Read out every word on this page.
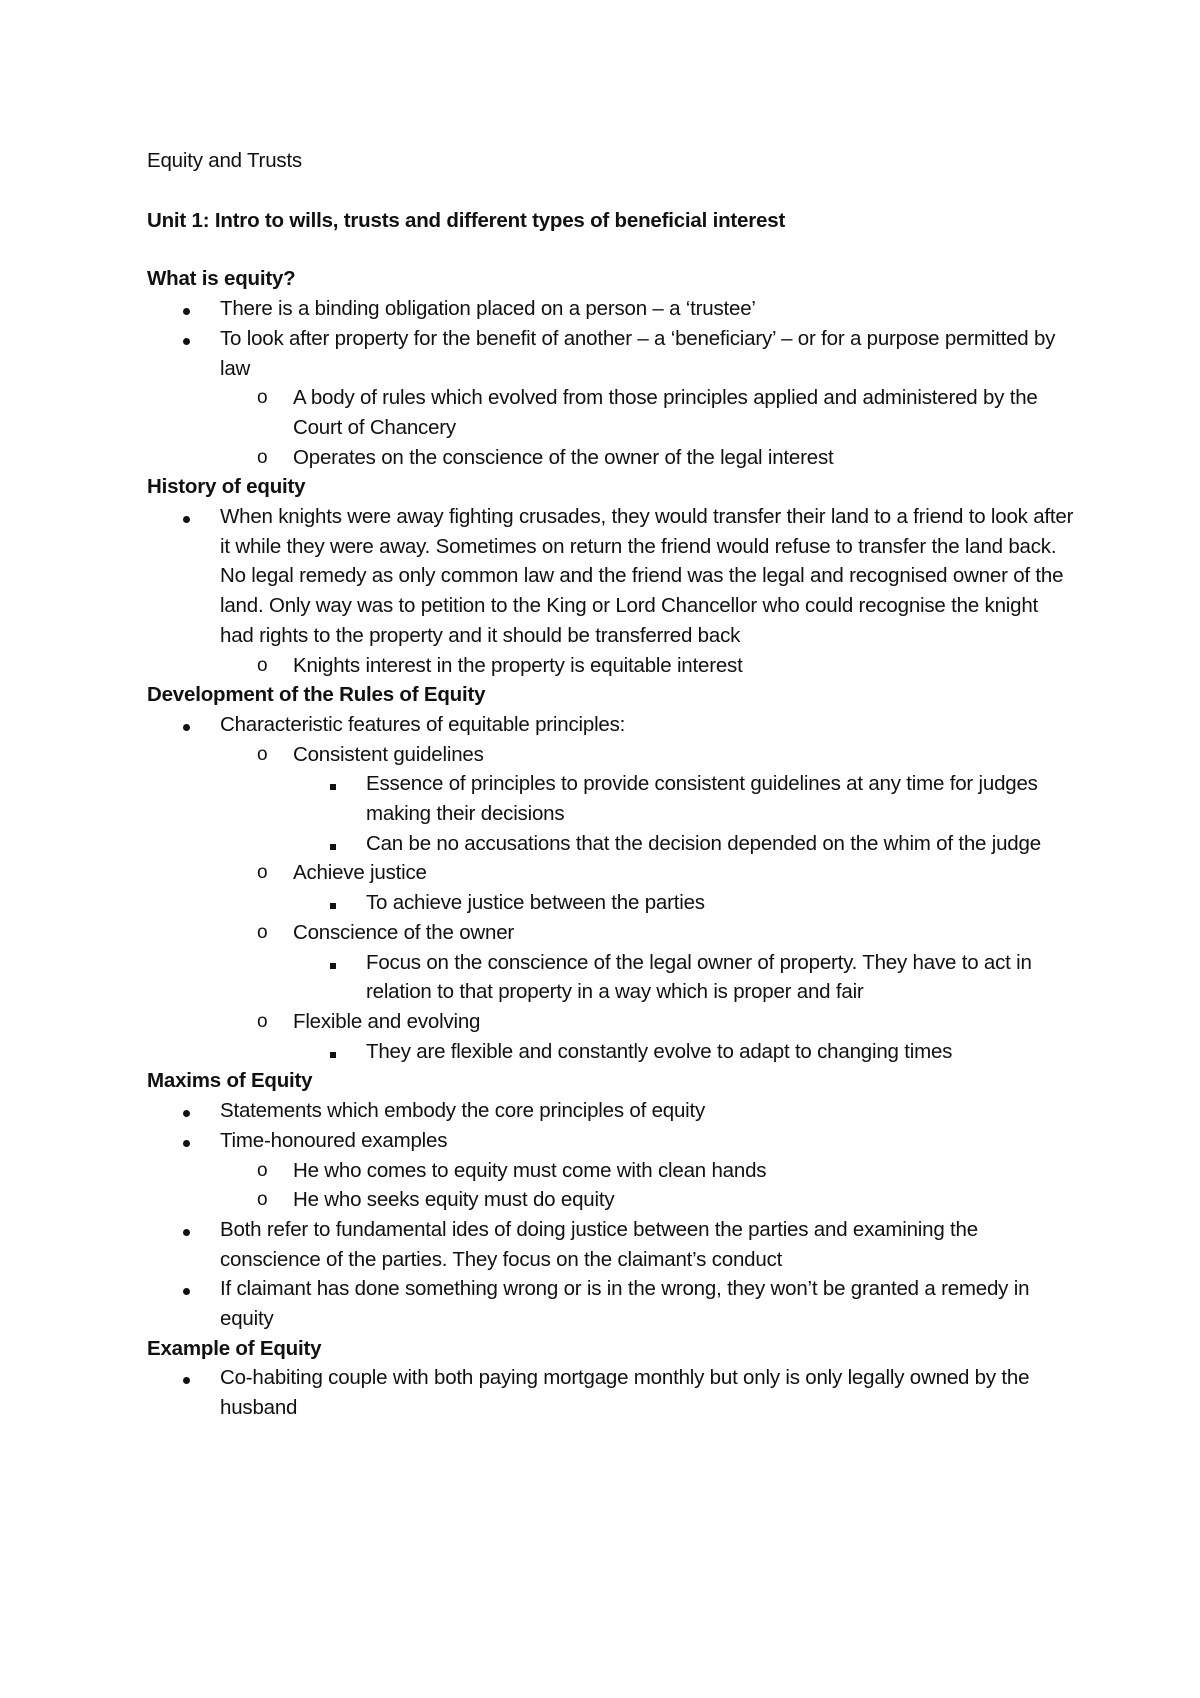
Equity and Trusts

Unit 1: Intro to wills, trusts and different types of beneficial interest

What is equity?

There is a binding obligation placed on a person – a ‘trustee’
To look after property for the benefit of another – a ‘beneficiary’ – or for a purpose permitted by law
o A body of rules which evolved from those principles applied and administered by the Court of Chancery
o Operates on the conscience of the owner of the legal interest

History of equity

When knights were away fighting crusades, they would transfer their land to a friend to look after it while they were away. Sometimes on return the friend would refuse to transfer the land back. No legal remedy as only common law and the friend was the legal and recognised owner of the land. Only way was to petition to the King or Lord Chancellor who could recognise the knight had rights to the property and it should be transferred back
o Knights interest in the property is equitable interest

Development of the Rules of Equity

Characteristic features of equitable principles:
o Consistent guidelines
Essence of principles to provide consistent guidelines at any time for judges making their decisions
Can be no accusations that the decision depended on the whim of the judge
o Achieve justice
To achieve justice between the parties
o Conscience of the owner
Focus on the conscience of the legal owner of property. They have to act in relation to that property in a way which is proper and fair
o Flexible and evolving
They are flexible and constantly evolve to adapt to changing times

Maxims of Equity

Statements which embody the core principles of equity
Time-honoured examples
o He who comes to equity must come with clean hands
o He who seeks equity must do equity
Both refer to fundamental ides of doing justice between the parties and examining the conscience of the parties. They focus on the claimant’s conduct
If claimant has done something wrong or is in the wrong, they won’t be granted a remedy in equity

Example of Equity

Co-habiting couple with both paying mortgage monthly but only is only legally owned by the husband
